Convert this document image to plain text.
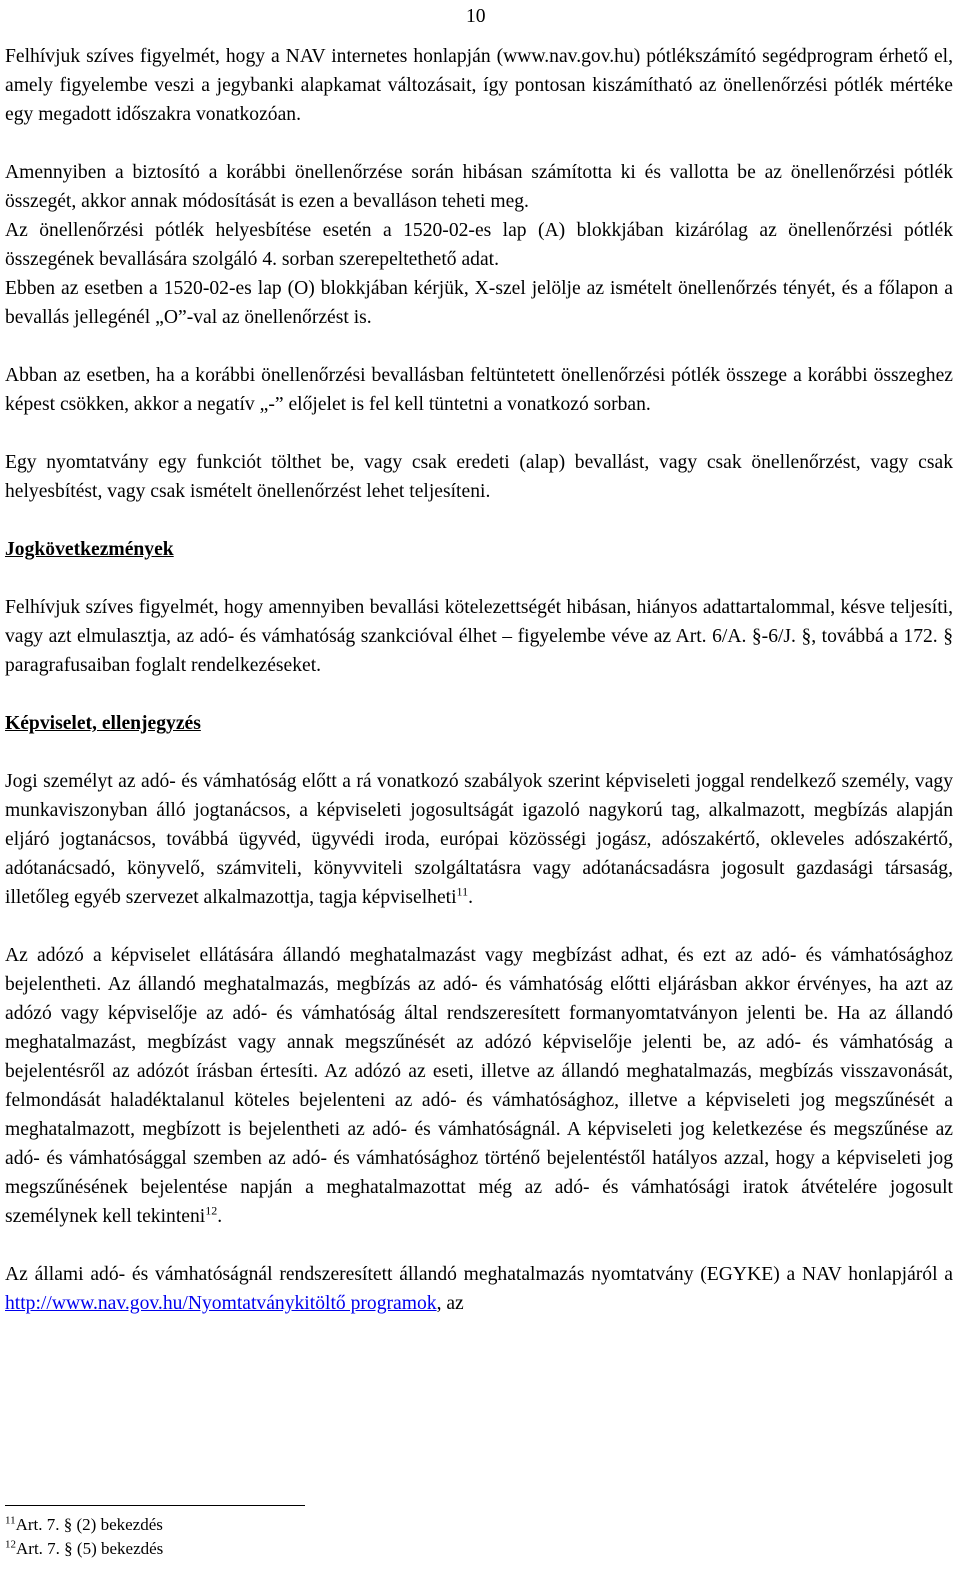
10

Felhívjuk szíves figyelmét, hogy a NAV internetes honlapján (www.nav.gov.hu) pótlékszámító segédprogram érhető el, amely figyelembe veszi a jegybanki alapkamat változásait, így pontosan kiszámítható az önellenőrzési pótlék mértéke egy megadott időszakra vonatkozóan.

Amennyiben a biztosító a korábbi önellenőrzése során hibásan számította ki és vallotta be az önellenőrzési pótlék összegét, akkor annak módosítását is ezen a bevalláson teheti meg.

Az önellenőrzési pótlék helyesbítése esetén a 1520-02-es lap (A) blokkjában kizárólag az önellenőrzési pótlék összegének bevallására szolgáló 4. sorban szerepeltethető adat.

Ebben az esetben a 1520-02-es lap (O) blokkjában kérjük, X-szel jelölje az ismételt önellenőrzés tényét, és a főlapon a bevallás jellegénél „O”-val az önellenőrzést is.

Abban az esetben, ha a korábbi önellenőrzési bevallásban feltüntetett önellenőrzési pótlék összege a korábbi összeghez képest csökken, akkor a negatív „-” előjelet is fel kell tüntetni a vonatkozó sorban.

Egy nyomtatvány egy funkciót tölthet be, vagy csak eredeti (alap) bevallást, vagy csak önellenőrzést, vagy csak helyesbítést, vagy csak ismételt önellenőrzést lehet teljesíteni.

Jogkövetkezmények

Felhívjuk szíves figyelmét, hogy amennyiben bevallási kötelezettségét hibásan, hiányos adattartalommal, késve teljesíti, vagy azt elmulasztja, az adó- és vámhatóság szankcióval élhet – figyelembe véve az Art. 6/A. §-6/J. §, továbbá a 172. § paragrafusaiban foglalt rendelkezéseket.

Képviselet, ellenjegyzés

Jogi személyt az adó- és vámhatóság előtt a rá vonatkozó szabályok szerint képviseleti joggal rendelkező személy, vagy munkaviszonyban álló jogtanácsos, a képviseleti jogosultságát igazoló nagykorú tag, alkalmazott, megbízás alapján eljáró jogtanácsos, továbbá ügyvéd, ügyvédi iroda, európai közösségi jogász, adószakértő, okleveles adószakértő, adótanácsadó, könyvelő, számviteli, könyvviteli szolgáltatásra vagy adótanácsadásra jogosult gazdasági társaság, illetőleg egyéb szervezet alkalmazottja, tagja képviselheti$^{11}$.

Az adózó a képviselet ellátására állandó meghatalmazást vagy megbízást adhat, és ezt az adó- és vámhatósághoz bejelentheti. Az állandó meghatalmazás, megbízás az adó- és vámhatóság előtti eljárásban akkor érvényes, ha azt az adózó vagy képviselője az adó- és vámhatóság által rendszeresített formanyomtatványon jelenti be. Ha az állandó meghatalmazást, megbízást vagy annak megszűnését az adózó képviselője jelenti be, az adó- és vámhatóság a bejelentésről az adózót írásban értesíti. Az adózó az eseti, illetve az állandó meghatalmazás, megbízás visszavonását, felmondását haladéktalanul köteles bejelenteni az adó- és vámhatósághoz, illetve a képviseleti jog megszűnését a meghatalmazott, megbízott is bejelentheti az adó- és vámhatóságnál. A képviseleti jog keletkezése és megszűnése az adó- és vámhatósággal szemben az adó- és vámhatósághoz történő bejelentéstől hatályos azzal, hogy a képviseleti jog megszűnésének bejelentése napján a meghatalmazottat még az adó- és vámhatósági iratok átvételére jogosult személynek kell tekinteni$^{12}$.

Az állami adó- és vámhatóságnál rendszeresített állandó meghatalmazás nyomtatvány (EGYKE) a NAV honlapjáról a http://www.nav.gov.hu/Nyomtatványkitöltő programok, az

$^{11}$Art. 7. § (2) bekezdés
$^{12}$Art. 7. § (5) bekezdés
